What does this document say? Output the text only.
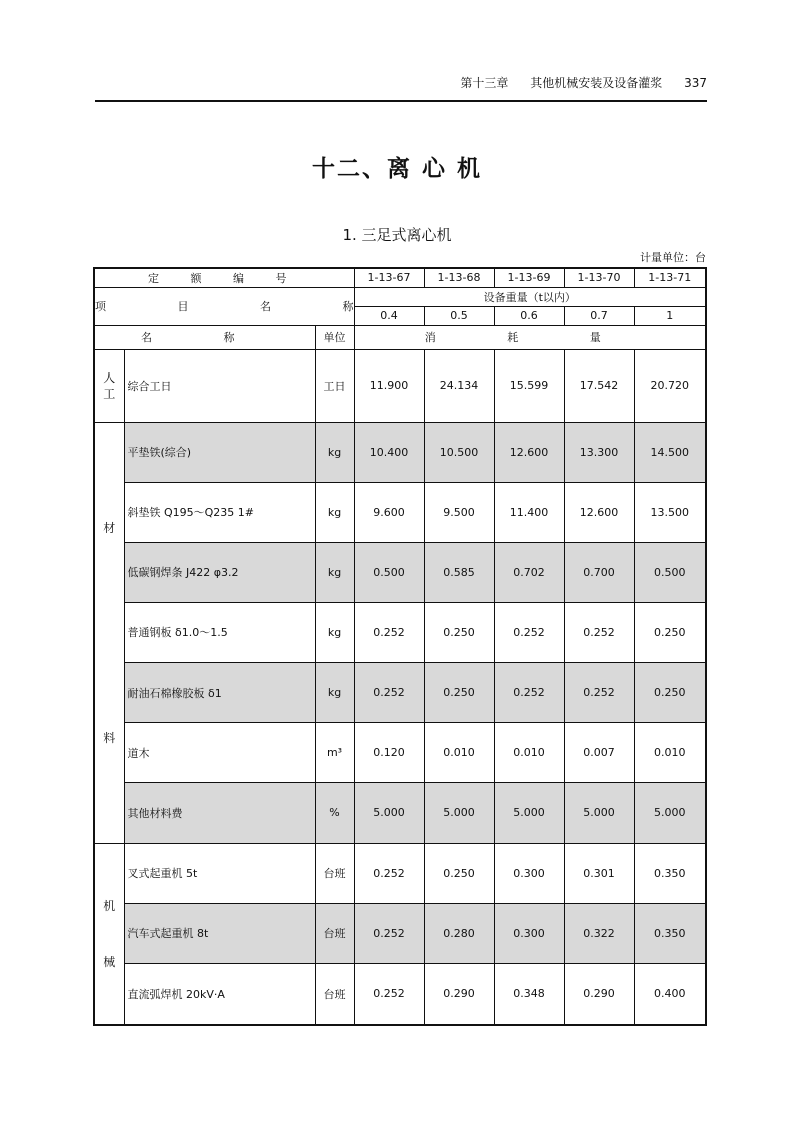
第十三章 其他机械安装及设备灌浆 337
十二、离 心 机
1. 三足式离心机
计量单位：台
定 额 编 号			1-13-67	1-13-68	1-13-69	1-13-70	1-13-71
项 目 名 称			设备重量（t以内）				
			0.4	0.5	0.6	0.7	1
名 称		单位	消 耗 量				
人工	综合工日	工日	11.900	24.134	15.599	17.542	20.720

材
料	平垫铁(综合)	kg	10.400	10.500	12.600	13.300	14.500
	斜垫铁 Q195～Q235 1#	kg	9.600	9.500	11.400	12.600	13.500
	低碳钢焊条 J422 φ3.2	kg	0.500	0.585	0.702	0.700	0.500
	普通钢板 δ1.0～1.5	kg	0.252	0.250	0.252	0.252	0.250
	耐油石棉橡胶板 δ1	kg	0.252	0.250	0.252	0.252	0.250
	道木	m³	0.120	0.010	0.010	0.007	0.010
	其他材料费	%	5.000	5.000	5.000	5.000	5.000

机
械	叉式起重机 5t	台班	0.252	0.250	0.300	0.301	0.350
	汽车式起重机 8t	台班	0.252	0.280	0.300	0.322	0.350
	直流弧焊机 20kV·A	台班	0.252	0.290	0.348	0.290	0.400
